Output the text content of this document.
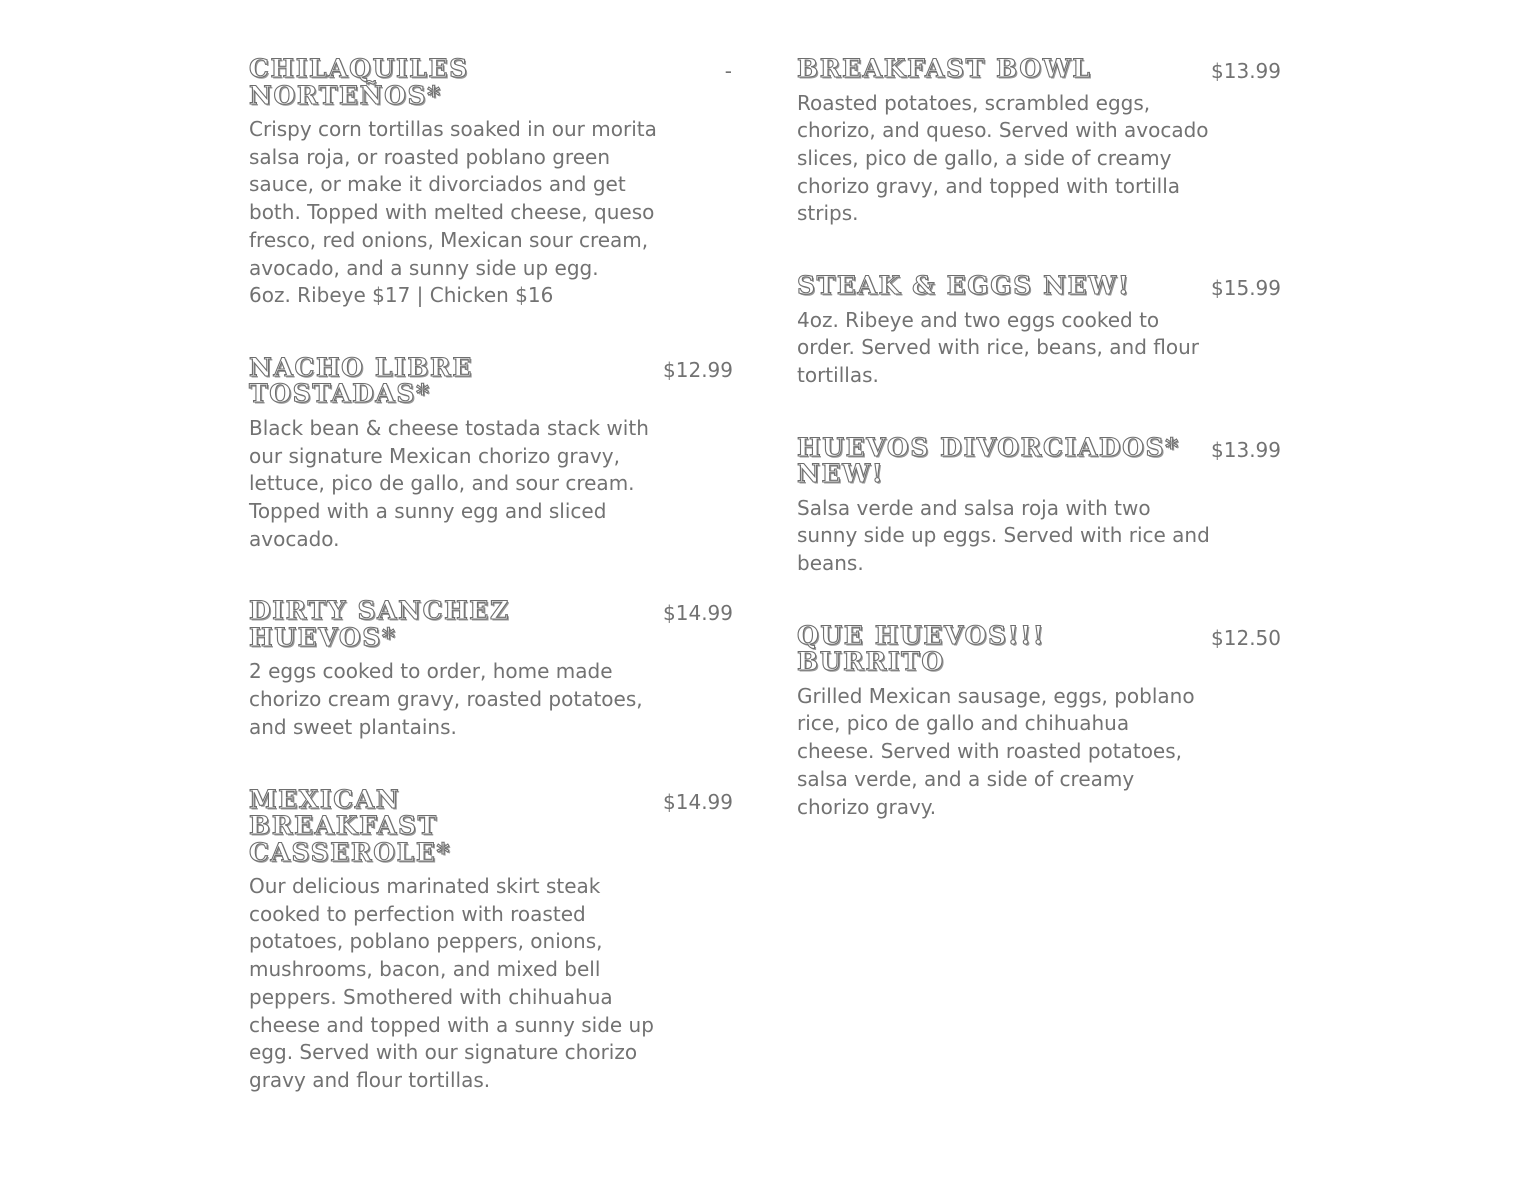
CHILAQUILES NORTEÑOS*

Crispy corn tortillas soaked in our morita salsa roja, or roasted poblano green sauce, or make it divorciados and get both. Topped with melted cheese, queso fresco, red onions, Mexican sour cream, avocado, and a sunny side up egg.

6oz. Ribeye $17 | Chicken $16

-
NACHO LIBRE TOSTADAS*

Black bean & cheese tostada stack with our signature Mexican chorizo gravy, lettuce, pico de gallo, and sour cream. Topped with a sunny egg and sliced avocado.

$12.99
DIRTY SANCHEZ HUEVOS*

2 eggs cooked to order, home made chorizo cream gravy, roasted potatoes, and sweet plantains.

$14.99
MEXICAN BREAKFAST CASSEROLE*

Our delicious marinated skirt steak cooked to perfection with roasted potatoes, poblano peppers, onions, mushrooms, bacon, and mixed bell peppers. Smothered with chihuahua cheese and topped with a sunny side up egg. Served with our signature chorizo gravy and flour tortillas.

$14.99
BREAKFAST BOWL

Roasted potatoes, scrambled eggs, chorizo, and queso. Served with avocado slices, pico de gallo, a side of creamy chorizo gravy, and topped with tortilla strips.

$13.99
STEAK & EGGS NEW!

4oz. Ribeye and two eggs cooked to order. Served with rice, beans, and flour tortillas.

$15.99
HUEVOS DIVORCIADOS* NEW!

Salsa verde and salsa roja with two sunny side up eggs. Served with rice and beans.

$13.99
QUE HUEVOS!!! BURRITO

Grilled Mexican sausage, eggs, poblano rice, pico de gallo and chihuahua cheese. Served with roasted potatoes, salsa verde, and a side of creamy chorizo gravy.

$12.50
